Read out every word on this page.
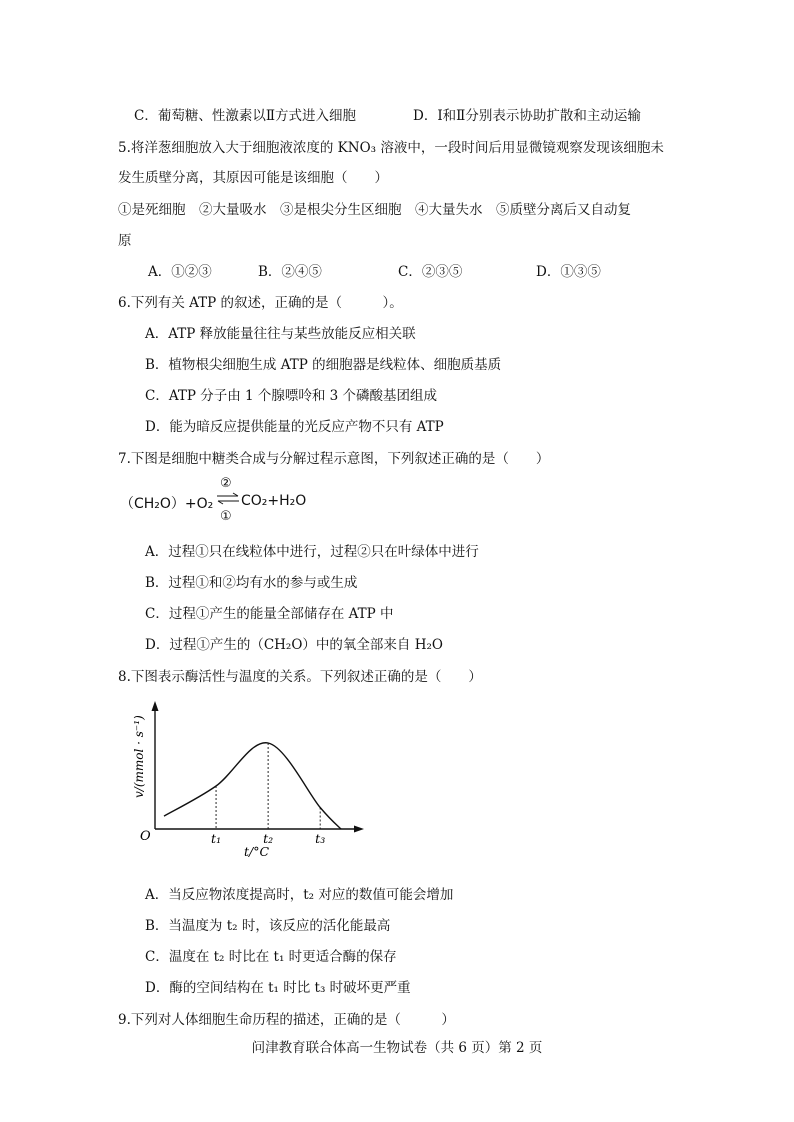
C．葡萄糖、性激素以Ⅱ方式进入细胞	D．Ⅰ和Ⅱ分别表示协助扩散和主动运输
5.将洋葱细胞放入大于细胞液浓度的 KNO₃ 溶液中，一段时间后用显微镜观察发现该细胞未
发生质壁分离，其原因可能是该细胞（　　）
①是死细胞　②大量吸水　③是根尖分生区细胞　④大量失水　⑤质壁分离后又自动复
原
A．①②③	B．②④⑤	C．②③⑤	D．①③⑤
6.下列有关 ATP 的叙述，正确的是（　　　）。
A．ATP 释放能量往往与某些放能反应相关联
B．植物根尖细胞生成 ATP 的细胞器是线粒体、细胞质基质
C．ATP 分子由 1 个腺嘌呤和 3 个磷酸基团组成
D．能为暗反应提供能量的光反应产物不只有 ATP
7.下图是细胞中糖类合成与分解过程示意图，下列叙述正确的是（　　）
（CH₂O）+O₂
②
①
CO₂+H₂O
A．过程①只在线粒体中进行，过程②只在叶绿体中进行
B．过程①和②均有水的参与或生成
C．过程①产生的能量全部储存在 ATP 中
D．过程①产生的（CH₂O）中的氧全部来自 H₂O
8.下图表示酶活性与温度的关系。下列叙述正确的是（　　）
O
v/(mmol · s⁻¹)
t/°C
t₁	t₂	t₃
A．当反应物浓度提高时，t₂ 对应的数值可能会增加
B．当温度为 t₂ 时，该反应的活化能最高
C．温度在 t₂ 时比在 t₁ 时更适合酶的保存
D．酶的空间结构在 t₁ 时比 t₃ 时破坏更严重
9.下列对人体细胞生命历程的描述，正确的是（　　　）
问津教育联合体高一生物试卷（共 6 页）第 2 页
